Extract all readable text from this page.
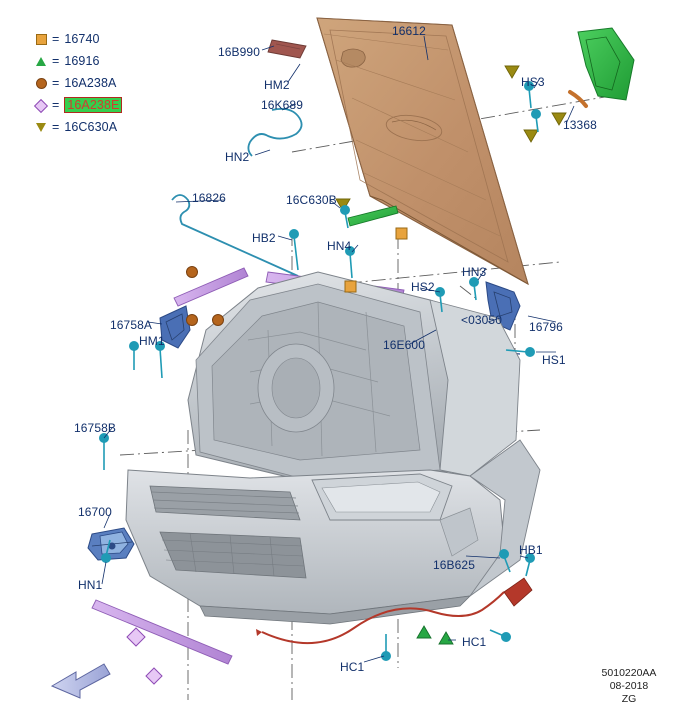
= 16740
= 16916
= 16A238A
= 16A238E
= 16C630A
16612
16B990
HM2	HS3
16K689
13368
HN2
16826	16C630B
HB2
HN4
HN3
HS2
16758A	<03050 16796
HM1	16E600
HS1
16758B
16700
HB1
16B625
HN1
HC1
HC1	5010220AA
08-2018
ZG
